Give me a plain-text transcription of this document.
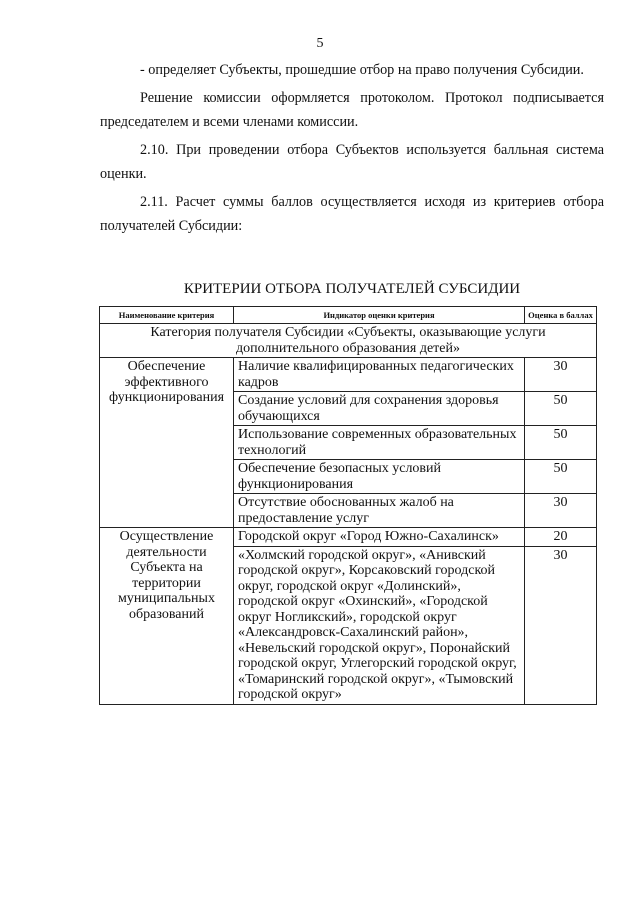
5

- определяет Субъекты, прошедшие отбор на право получения Субсидии.

Решение комиссии оформляется протоколом. Протокол подписывается председателем и всеми членами комиссии.

2.10. При проведении отбора Субъектов используется балльная система оценки.

2.11. Расчет суммы баллов осуществляется исходя из критериев отбора получателей Субсидии:

КРИТЕРИИ ОТБОРА ПОЛУЧАТЕЛЕЙ СУБСИДИИ
Наименование критерия	Индикатор оценки критерия	Оценка в баллах
Категория получателя Субсидии «Субъекты, оказывающие услуги дополнительного образования детей»		
Обеспечение эффективного функционирования	Наличие квалифицированных педагогических кадров	30
	Создание условий для сохранения здоровья обучающихся	50
	Использование современных образовательных технологий	50
	Обеспечение безопасных условий функционирования	50
	Отсутствие обоснованных жалоб на предоставление услуг	30
Осуществление деятельности Субъекта на территории муниципальных образований	Городской округ «Город Южно-Сахалинск»	20
	«Холмский городской округ», «Анивский городской округ», Корсаковский городской округ, городской округ «Долинский», городской округ «Охинский», «Городской округ Ногликский», городской округ «Александровск-Сахалинский район», «Невельский городской округ», Поронайский городской округ, Углегорский городской округ, «Томаринский городской округ», «Тымовский городской округ»	30
